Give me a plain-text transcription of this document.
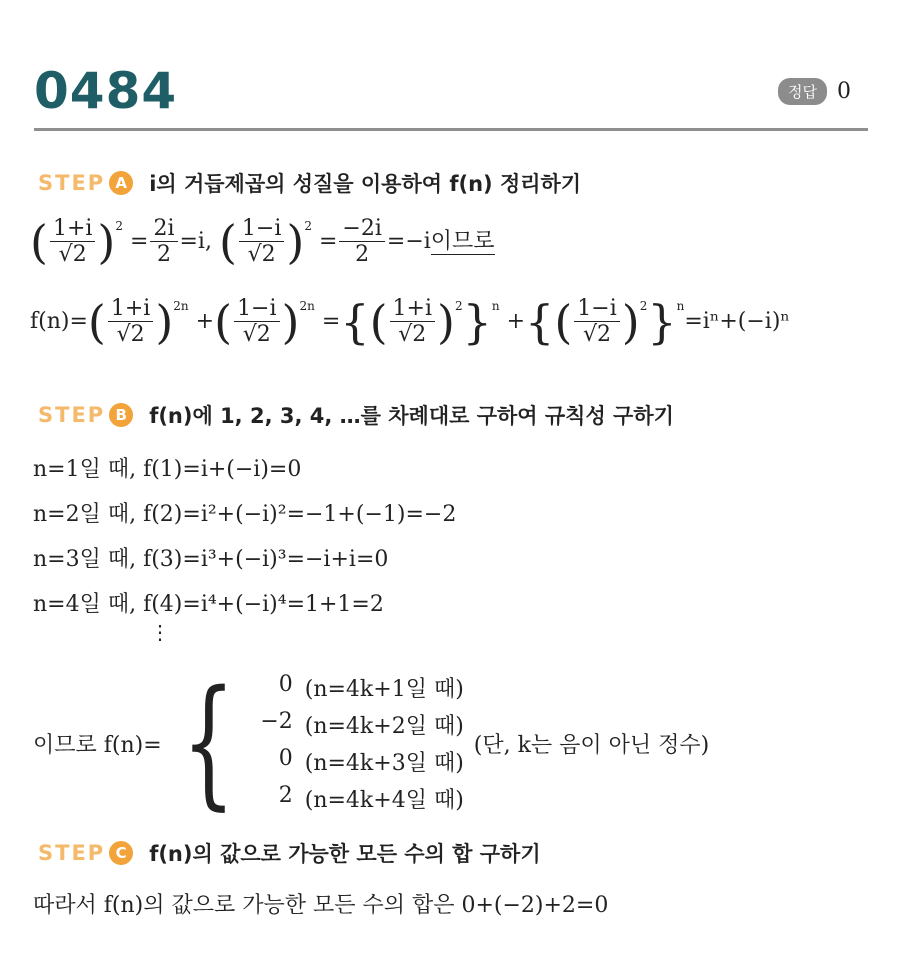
0484	정답 0
STEP A i의 거듭제곱의 성질을 이용하여 f(n) 정리하기
( $\frac{1+i}{√2} )^2 = \frac{2i}{2} =i$, ( $\frac{1-i}{√2} )^2 = \frac{-2i}{2} =-i$이므로
$f(n)=( \frac{1+i}{√2} )^{2n}$ +( $\frac{1-i}{√2} )^{2n}$ ={( $\frac{1+i}{√2} )^2\}^n$ +{( $\frac{1-i}{√2} )^2\}^n=i^n+(-i)^n$
STEP B f(n)에 1, 2, 3, 4, …를 차례대로 구하여 규칙성 구하기
n=1일 때, f(1)=i+(−i)=0
n=2일 때, f(2)=i²+(−i)²=−1+(−1)=−2
n=3일 때, f(3)=i³+(−i)³=−i+i=0
n=4일 때, f(4)=i⁴+(−i)⁴=1+1=2
⋮
이므로 f(n)= {	0 (n=4k+1일 때)
−2 (n=4k+2일 때)
0 (n=4k+3일 때)
2 (n=4k+4일 때)
(단, k는 음이 아닌 정수)
STEP C	f(n)의 값으로 가능한 모든 수의 합 구하기
따라서 f(n)의 값으로 가능한 모든 수의 합은 0+(−2)+2=0
